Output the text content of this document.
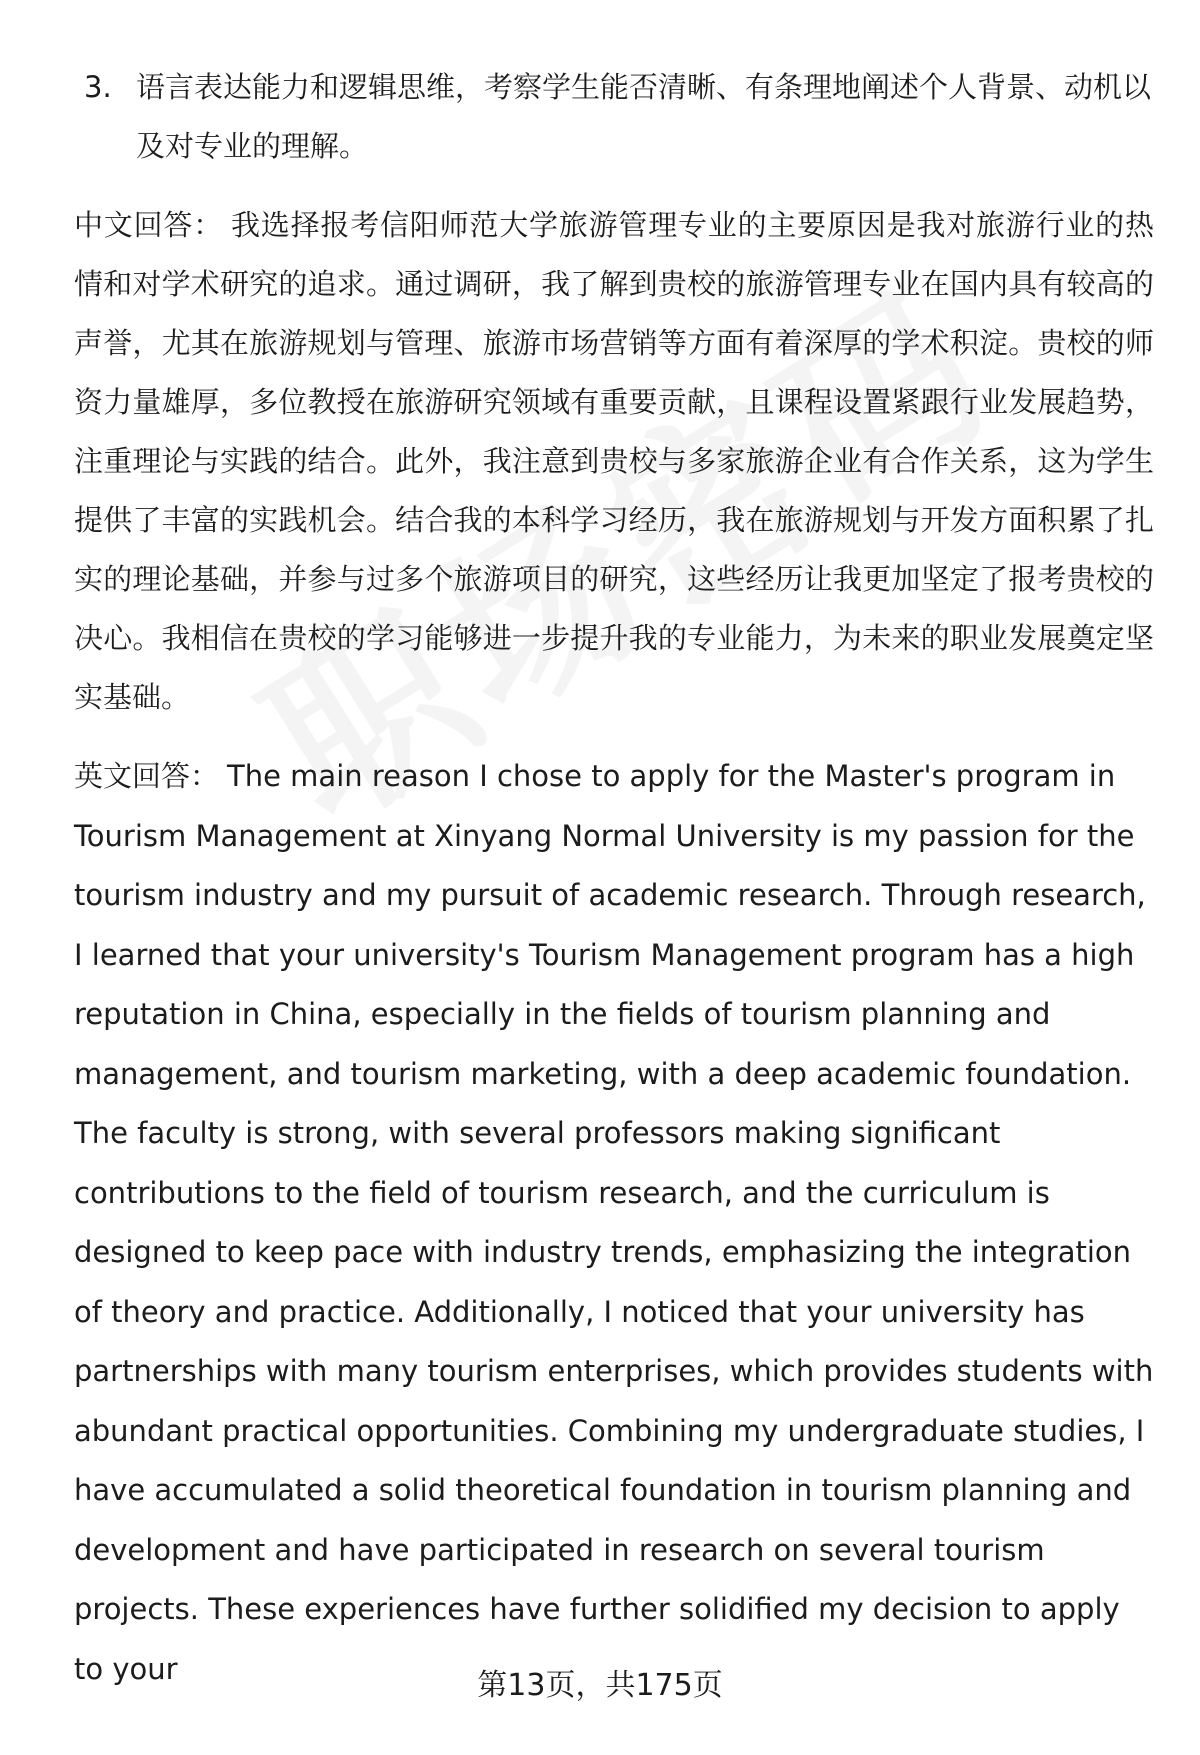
3. 语言表达能力和逻辑思维，考察学生能否清晰、有条理地阐述个人背景、动机以及对专业的理解。

中文回答： 我选择报考信阳师范大学旅游管理专业的主要原因是我对旅游行业的热情和对学术研究的追求。通过调研，我了解到贵校的旅游管理专业在国内具有较高的声誉，尤其在旅游规划与管理、旅游市场营销等方面有着深厚的学术积淀。贵校的师资力量雄厚，多位教授在旅游研究领域有重要贡献，且课程设置紧跟行业发展趋势，注重理论与实践的结合。此外，我注意到贵校与多家旅游企业有合作关系，这为学生提供了丰富的实践机会。结合我的本科学习经历，我在旅游规划与开发方面积累了扎实的理论基础，并参与过多个旅游项目的研究，这些经历让我更加坚定了报考贵校的决心。我相信在贵校的学习能够进一步提升我的专业能力，为未来的职业发展奠定坚实基础。

英文回答： The main reason I chose to apply for the Master's program in Tourism Management at Xinyang Normal University is my passion for the tourism industry and my pursuit of academic research. Through research, I learned that your university's Tourism Management program has a high reputation in China, especially in the fields of tourism planning and management, and tourism marketing, with a deep academic foundation. The faculty is strong, with several professors making significant contributions to the field of tourism research, and the curriculum is designed to keep pace with industry trends, emphasizing the integration of theory and practice. Additionally, I noticed that your university has partnerships with many tourism enterprises, which provides students with abundant practical opportunities. Combining my undergraduate studies, I have accumulated a solid theoretical foundation in tourism planning and development and have participated in research on several tourism projects. These experiences have further solidified my decision to apply to your	第13页，共175页
